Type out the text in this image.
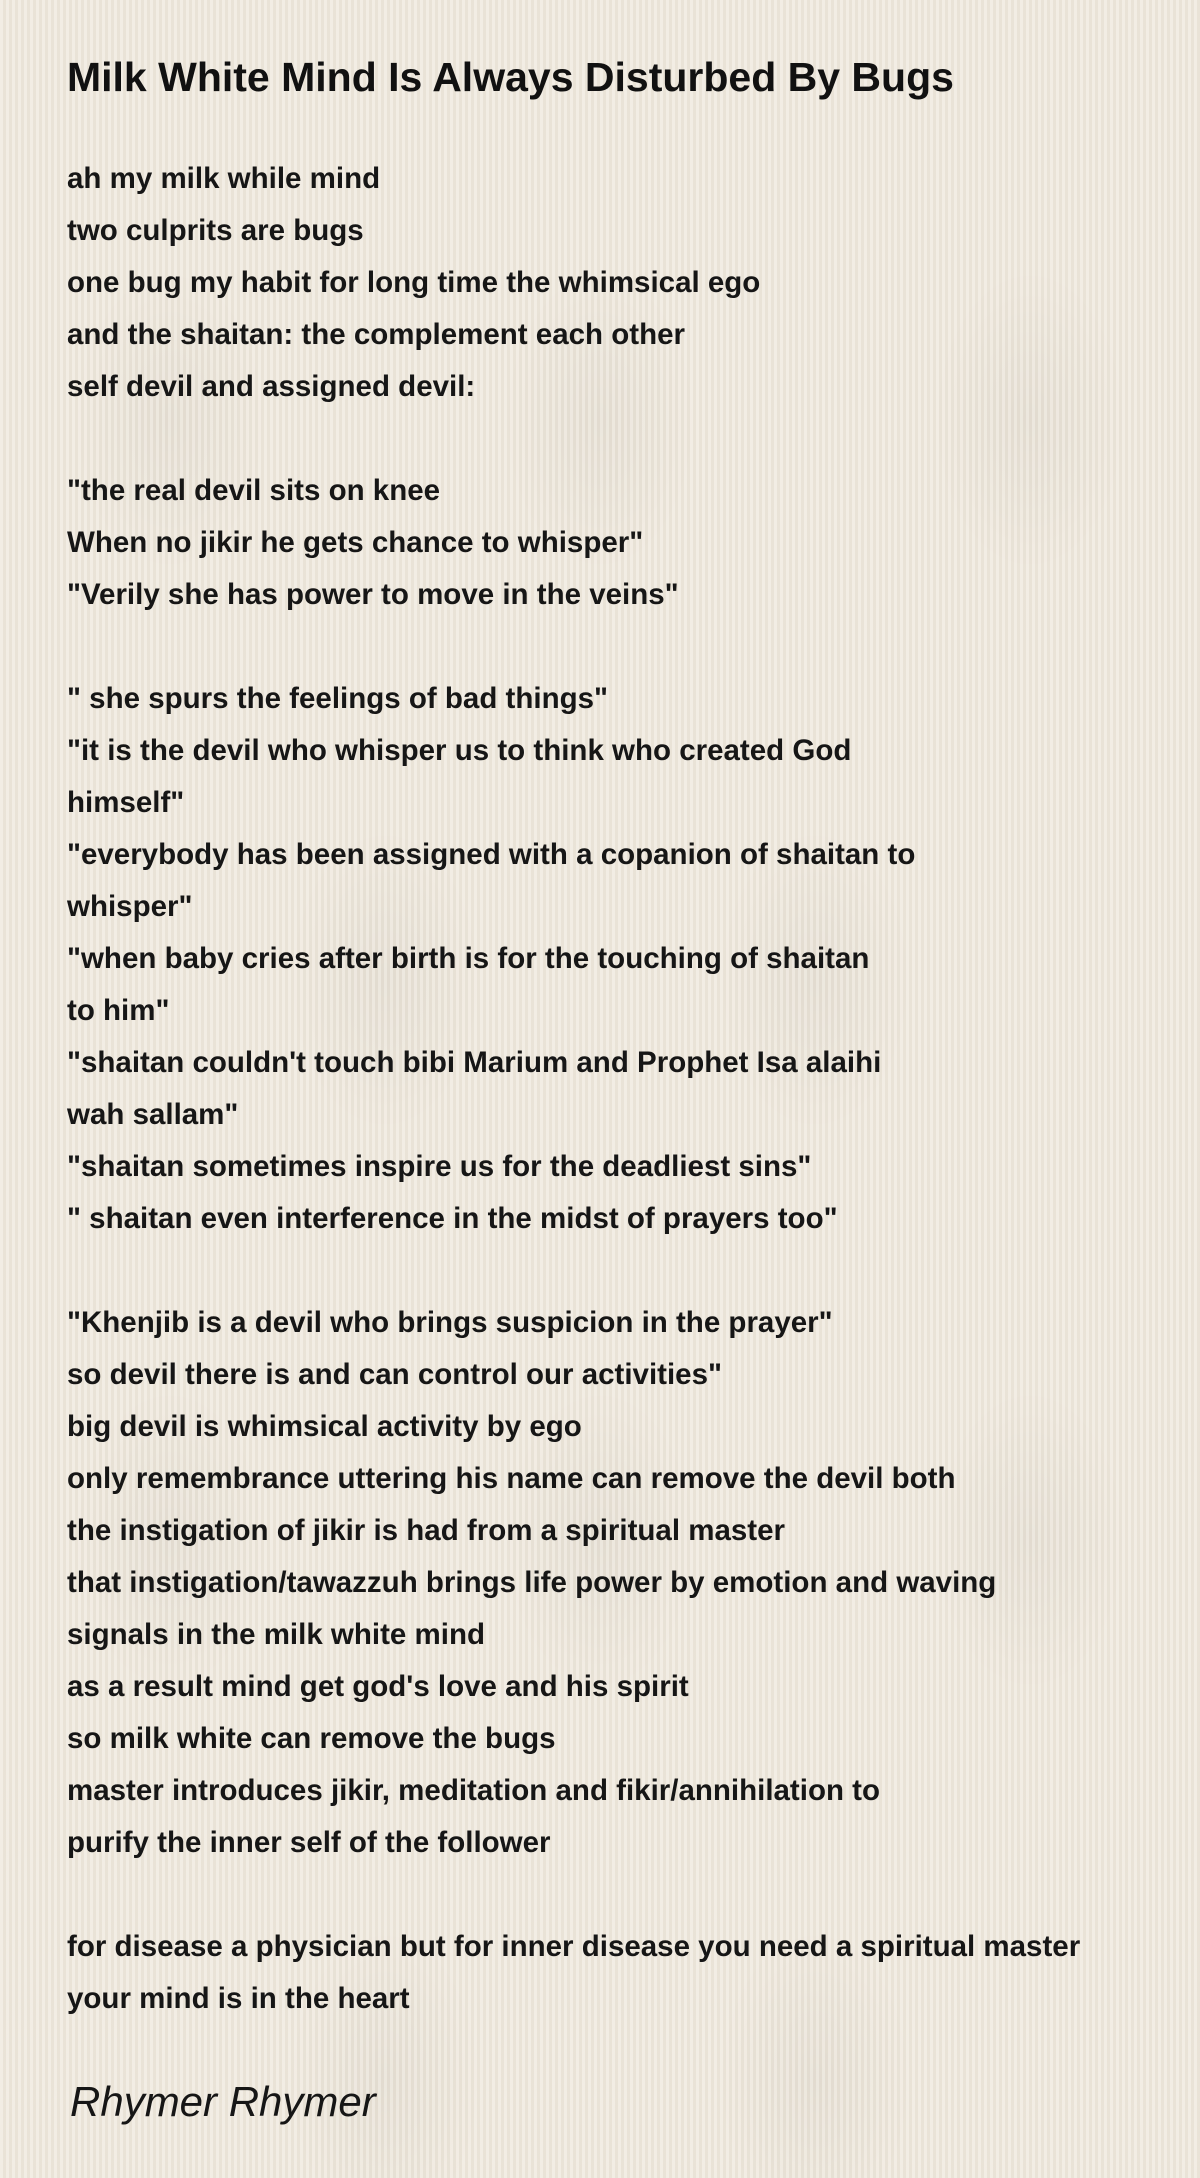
Milk White Mind Is Always Disturbed By Bugs
ah my milk while mind
two culprits are bugs
one bug my habit for long time the whimsical ego
and the shaitan: the complement each other
self devil and assigned devil:
"the real devil sits on knee
When no jikir he gets chance to whisper"
"Verily she has power to move in the veins"
" she spurs the feelings of bad things"
"it is the devil who whisper us to think who created God
himself"
"everybody has been assigned with a copanion of shaitan to
whisper"
"when baby cries after birth is for the touching of shaitan
to him"
"shaitan couldn't touch bibi Marium and Prophet Isa alaihi
wah sallam"
"shaitan sometimes inspire us for the deadliest sins"
" shaitan even interference in the midst of prayers too"
"Khenjib is a devil who brings suspicion in the prayer"
so devil there is and can control our activities"
big devil is whimsical activity by ego
only remembrance uttering his name can remove the devil both
the instigation of jikir is had from a spiritual master
that instigation/tawazzuh brings life power by emotion and waving
signals in the milk white mind
as a result mind get god's love and his spirit
so milk white can remove the bugs
master introduces jikir, meditation and fikir/annihilation to
purify the inner self of the follower
for disease a physician but for inner disease you need a spiritual master
your mind is in the heart
Rhymer Rhymer
